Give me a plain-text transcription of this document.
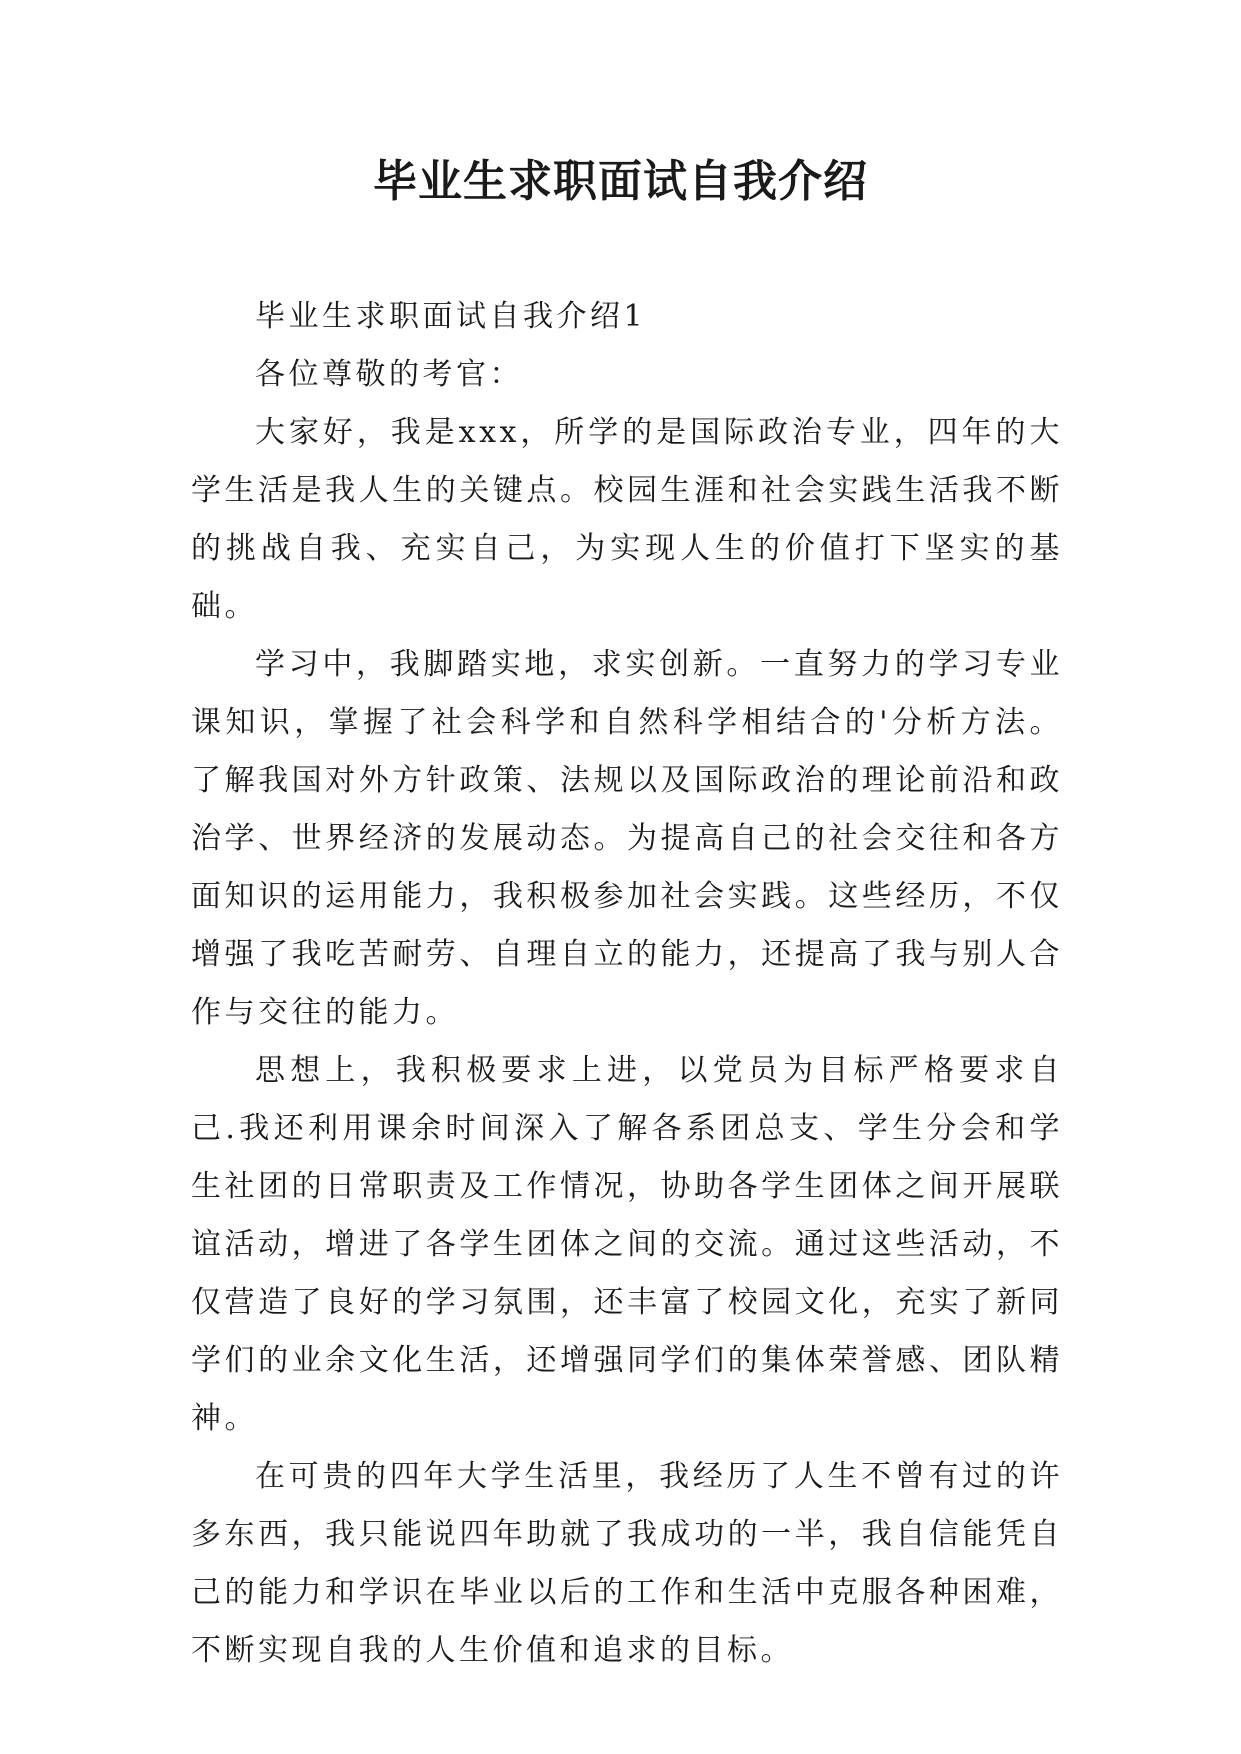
毕业生求职面试自我介绍

毕业生求职面试自我介绍1

各位尊敬的考官：

大家好，我是xxx，所学的是国际政治专业，四年的大学生活是我人生的关键点。校园生涯和社会实践生活我不断的挑战自我、充实自己，为实现人生的价值打下坚实的基础。

学习中，我脚踏实地，求实创新。一直努力的学习专业课知识，掌握了社会科学和自然科学相结合的'分析方法。了解我国对外方针政策、法规以及国际政治的理论前沿和政治学、世界经济的发展动态。为提高自己的社会交往和各方面知识的运用能力，我积极参加社会实践。这些经历，不仅增强了我吃苦耐劳、自理自立的能力，还提高了我与别人合作与交往的能力。

思想上，我积极要求上进，以党员为目标严格要求自己.我还利用课余时间深入了解各系团总支、学生分会和学生社团的日常职责及工作情况，协助各学生团体之间开展联谊活动，增进了各学生团体之间的交流。通过这些活动，不仅营造了良好的学习氛围，还丰富了校园文化，充实了新同学们的业余文化生活，还增强同学们的集体荣誉感、团队精神。

在可贵的四年大学生活里，我经历了人生不曾有过的许多东西，我只能说四年助就了我成功的一半，我自信能凭自己的能力和学识在毕业以后的工作和生活中克服各种困难，不断实现自我的人生价值和追求的目标。
